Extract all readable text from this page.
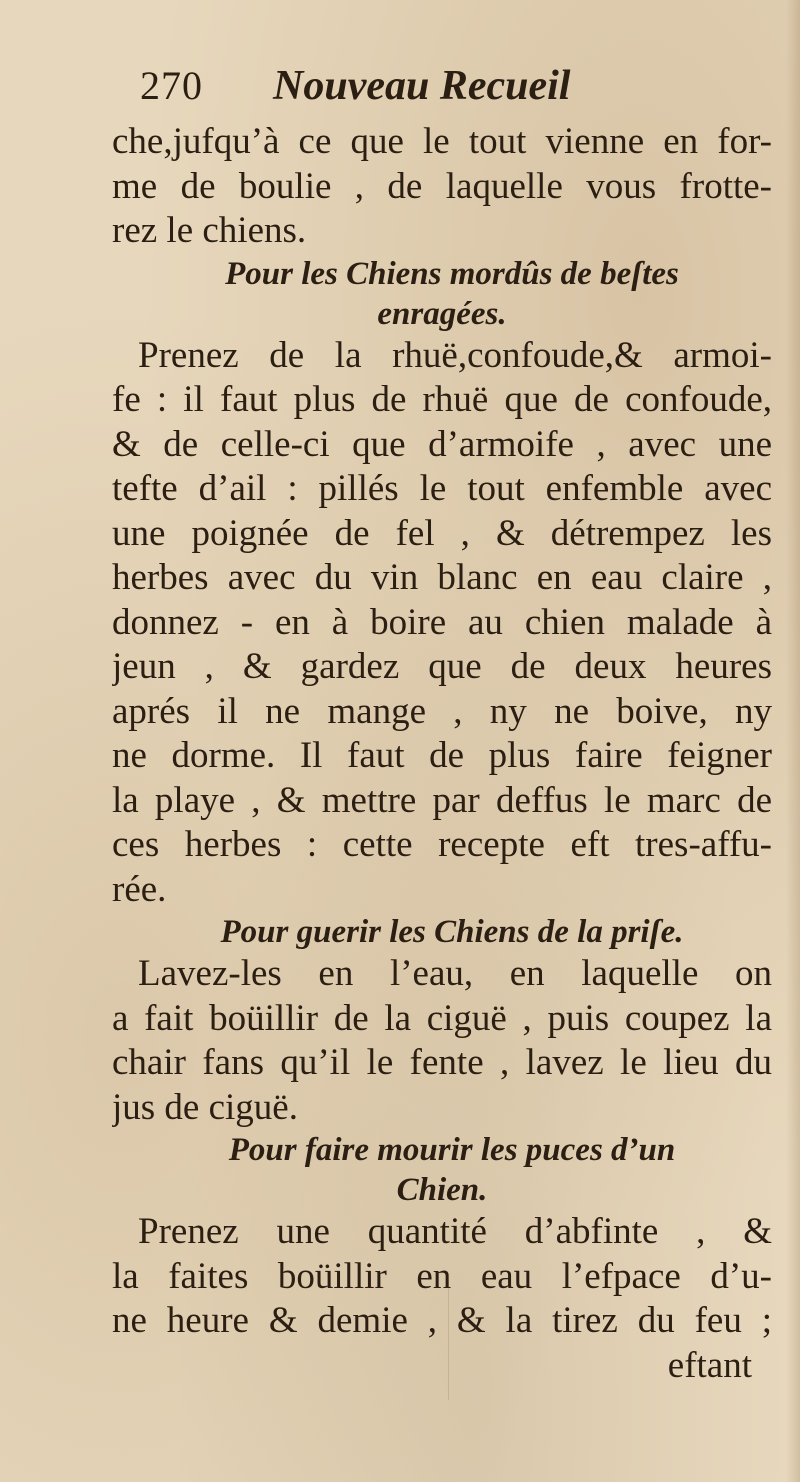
270 Nouveau Recueil
che,jufqu’à ce que le tout vienne en for-
me de boulie , de laquelle vous frotte-
rez le chiens.
Pour les Chiens mordûs de beſtes
enragées.
Prenez de la rhuë,confoude,& armoi-
fe : il faut plus de rhuë que de confoude,
& de celle-ci que d’armoife , avec une
tefte d’ail : pillés le tout enfemble avec
une poignée de fel , & détrempez les
herbes avec du vin blanc en eau claire ,
donnez - en à boire au chien malade à
jeun , & gardez que de deux heures
aprés il ne mange , ny ne boive, ny
ne dorme. Il faut de plus faire feigner
la playe , & mettre par deffus le marc de
ces herbes : cette recepte eft tres-affu-
rée.
Pour guerir les Chiens de la priſe.
Lavez-les en l’eau, en laquelle on
a fait boüillir de la ciguë , puis coupez la
chair fans qu’il le fente , lavez le lieu du
jus de ciguë.
Pour faire mourir les puces d’un
Chien.
Prenez une quantité d’abfinte , &
la faites boüillir en eau l’efpace d’u-
ne heure & demie , & la tirez du feu ;
eftant
